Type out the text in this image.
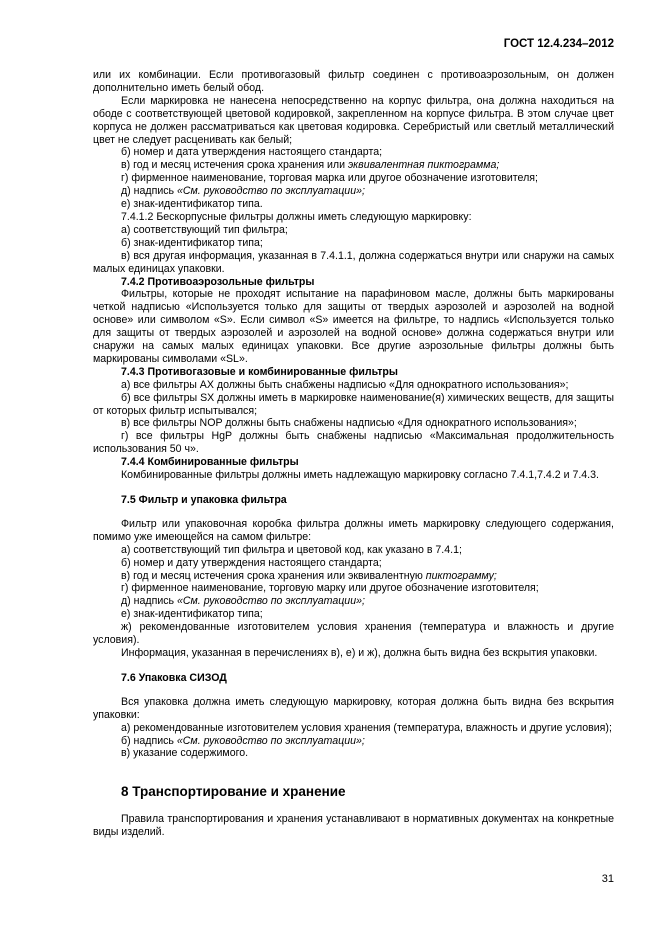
ГОСТ 12.4.234–2012

или их комбинации. Если противогазовый фильтр соединен с противоаэрозольным, он должен дополнительно иметь белый обод.

Если маркировка не нанесена непосредственно на корпус фильтра, она должна находиться на ободе с соответствующей цветовой кодировкой, закрепленном на корпусе фильтра. В этом случае цвет корпуса не должен рассматриваться как цветовая кодировка. Серебристый или светлый металлический цвет не следует расценивать как белый;

б) номер и дата утверждения настоящего стандарта;

в) год и месяц истечения срока хранения или эквивалентная пиктограмма;

г) фирменное наименование, торговая марка или другое обозначение изготовителя;

д) надпись «См. руководство по эксплуатации»;

е) знак-идентификатор типа.

7.4.1.2 Бескорпусные фильтры должны иметь следующую маркировку:

а) соответствующий тип фильтра;

б) знак-идентификатор типа;

в) вся другая информация, указанная в 7.4.1.1, должна содержаться внутри или снаружи на самых малых единицах упаковки.

7.4.2 Противоаэрозольные фильтры

Фильтры, которые не проходят испытание на парафиновом масле, должны быть маркированы четкой надписью «Используется только для защиты от твердых аэрозолей и аэрозолей на водной основе» или символом «S». Если символ «S» имеется на фильтре, то надпись «Используется только для защиты от твердых аэрозолей и аэрозолей на водной основе» должна содержаться внутри или снаружи на самых малых единицах упаковки. Все другие аэрозольные фильтры должны быть маркированы символами «SL».

7.4.3 Противогазовые и комбинированные фильтры

а) все фильтры АХ должны быть снабжены надписью «Для однократного использования»;

б) все фильтры SX должны иметь в маркировке наименование(я) химических веществ, для защиты от которых фильтр испытывался;

в) все фильтры NOP должны быть снабжены надписью «Для однократного использования»;

г) все фильтры HgP должны быть снабжены надписью «Максимальная продолжительность использования 50 ч».

7.4.4 Комбинированные фильтры

Комбинированные фильтры должны иметь надлежащую маркировку согласно 7.4.1,7.4.2 и 7.4.3.

7.5 Фильтр и упаковка фильтра

Фильтр или упаковочная коробка фильтра должны иметь маркировку следующего содержания, помимо уже имеющейся на самом фильтре:

а) соответствующий тип фильтра и цветовой код, как указано в 7.4.1;

б) номер и дату утверждения настоящего стандарта;

в) год и месяц истечения срока хранения или эквивалентную пиктограмму;

г) фирменное наименование, торговую марку или другое обозначение изготовителя;

д) надпись «См. руководство по эксплуатации»;

е) знак-идентификатор типа;

ж) рекомендованные изготовителем условия хранения (температура и влажность и другие условия).

Информация, указанная в перечислениях в), е) и ж), должна быть видна без вскрытия упаковки.

7.6 Упаковка СИЗОД

Вся упаковка должна иметь следующую маркировку, которая должна быть видна без вскрытия упаковки:

а) рекомендованные изготовителем условия хранения (температура, влажность и другие условия);

б) надпись «См. руководство по эксплуатации»;

в) указание содержимого.

8 Транспортирование и хранение

Правила транспортирования и хранения устанавливают в нормативных документах на конкретные виды изделий.

31
